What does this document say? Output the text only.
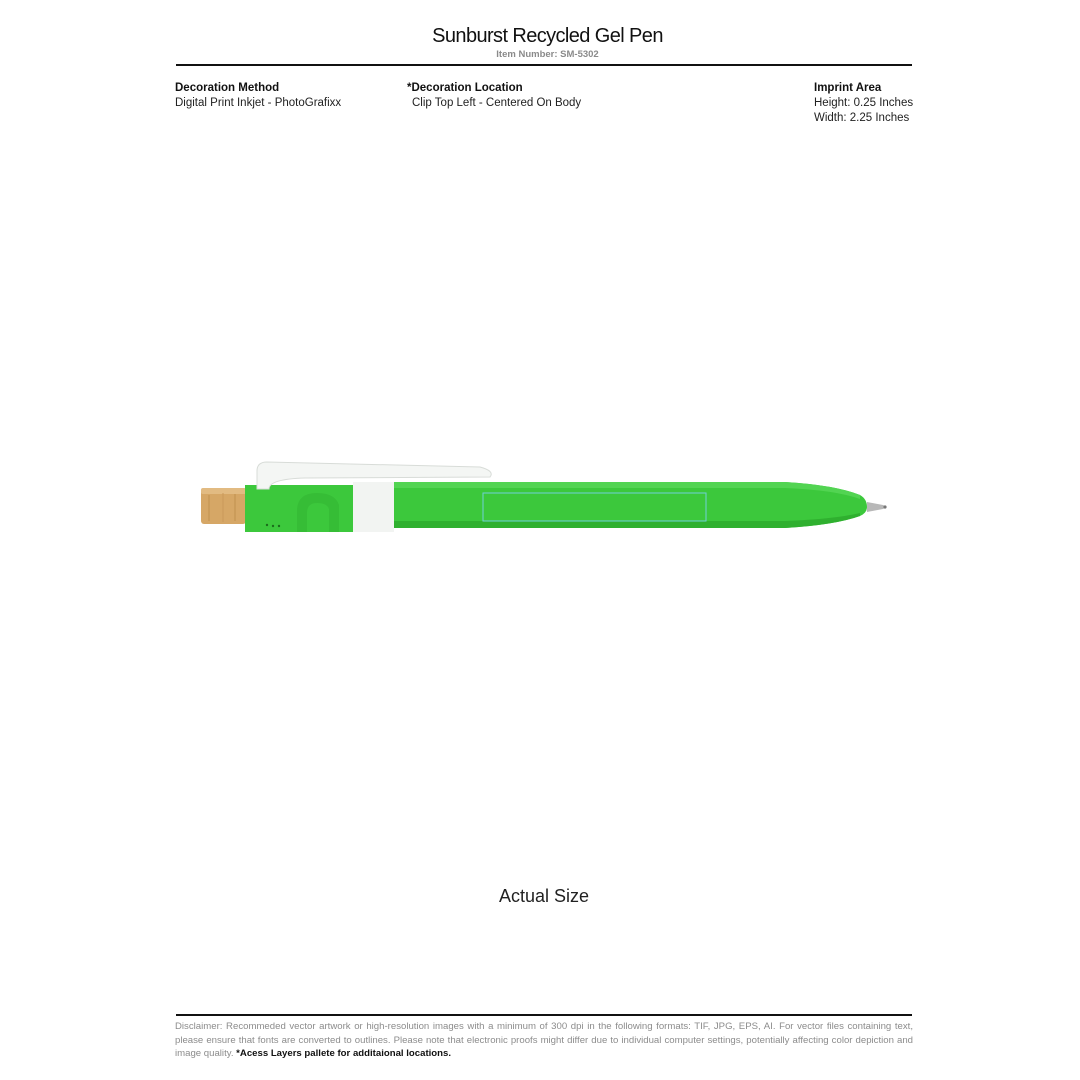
Sunburst Recycled Gel Pen
Item Number: SM-5302
Decoration Method
Digital Print Inkjet - PhotoGrafixx
*Decoration Location
Clip Top Left - Centered On Body
Imprint Area
Height: 0.25 Inches
Width: 2.25 Inches
Actual Size
Disclaimer: Recommeded vector artwork or high-resolution images with a minimum of 300 dpi in the following formats: TIF, JPG, EPS, AI. For vector files containing text, please ensure that fonts are converted to outlines. Please note that electronic proofs might differ due to individual computer settings, potentially affecting color depiction and image quality. *Acess Layers pallete for additaional locations.
